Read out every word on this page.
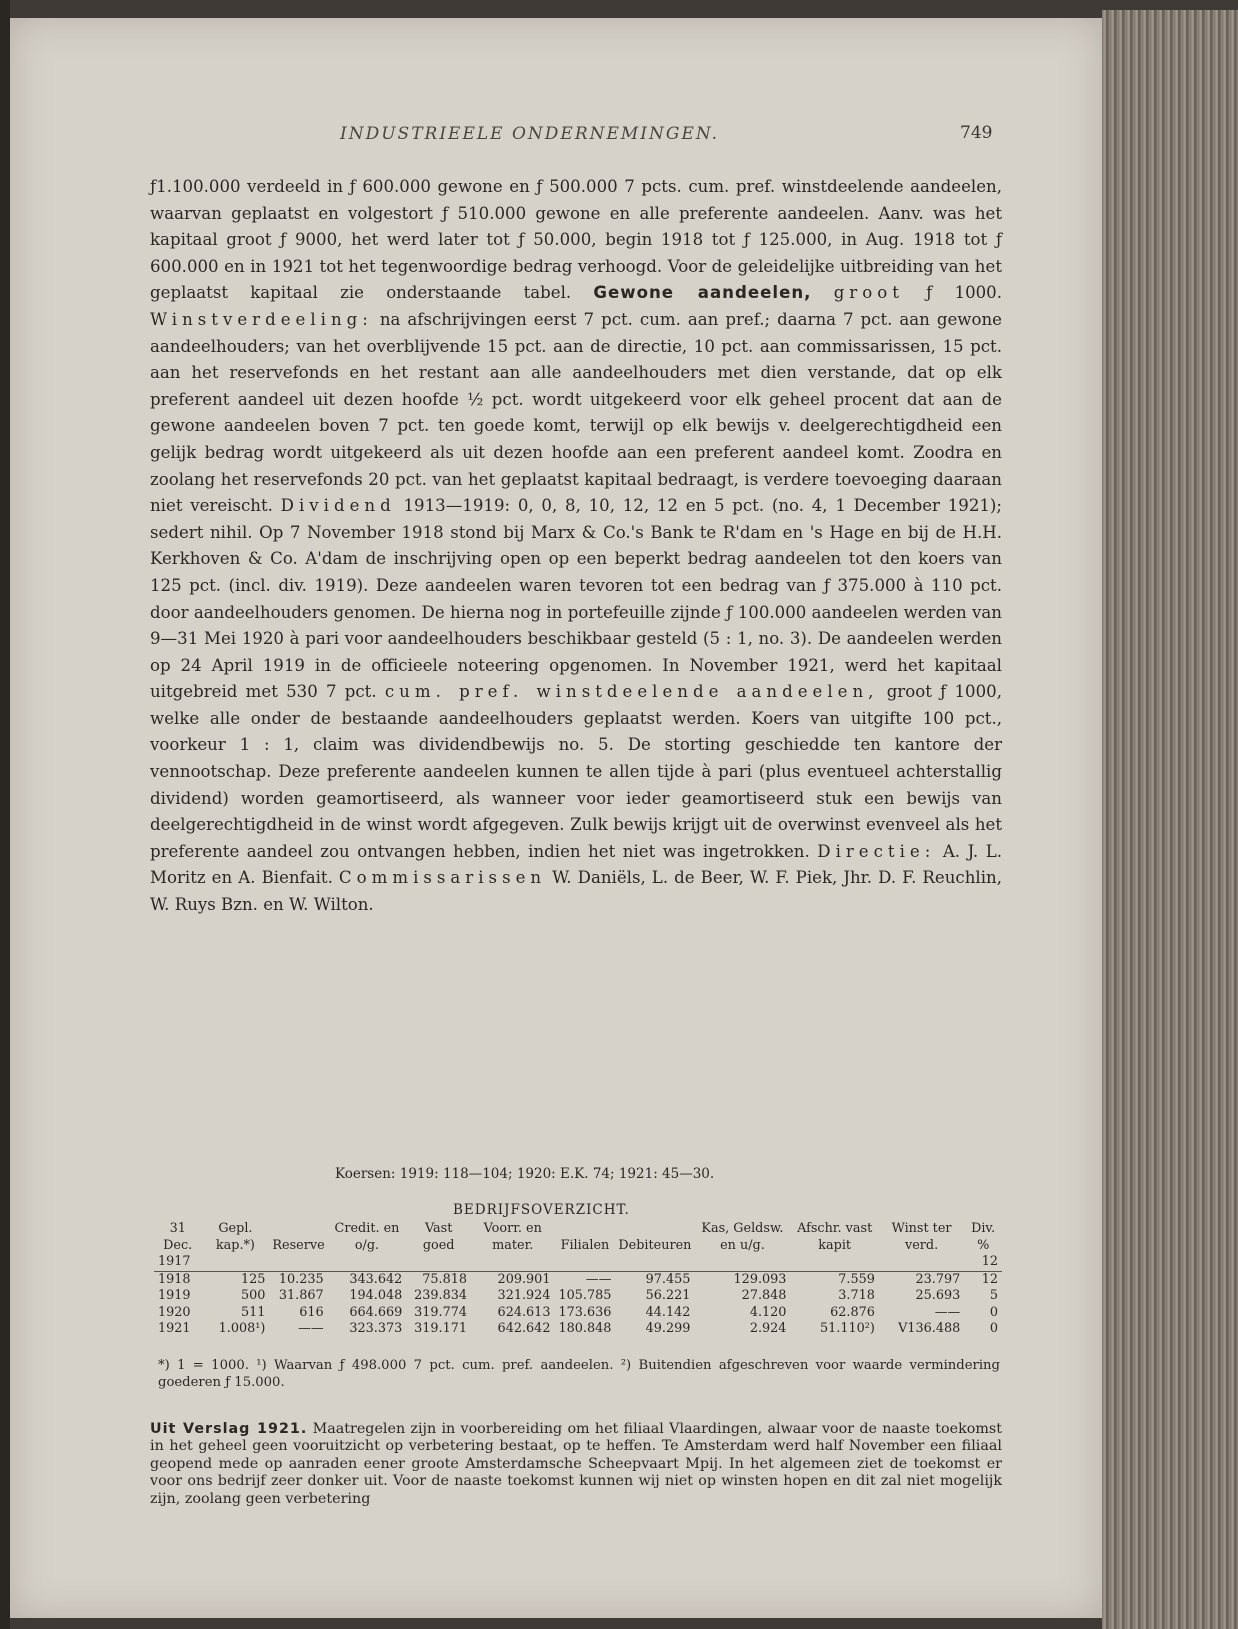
INDUSTRIEELE ONDERNEMINGEN.	749

ƒ1.100.000 verdeeld in ƒ 600.000 gewone en ƒ 500.000 7 pcts. cum. pref. winstdeelende aandeelen, waarvan geplaatst en volgestort ƒ 510.000 gewone en alle preferente aandeelen. Aanv. was het kapitaal groot ƒ 9000, het werd later tot ƒ 50.000, begin 1918 tot ƒ 125.000, in Aug. 1918 tot ƒ 600.000 en in 1921 tot het tegenwoordige bedrag verhoogd. Voor de geleidelijke uitbreiding van het geplaatst kapitaal zie onderstaande tabel. Gewone aandeelen, groot ƒ 1000. Winstverdeeling: na afschrijvingen eerst 7 pct. cum. aan pref.; daarna 7 pct. aan gewone aandeelhouders; van het overblijvende 15 pct. aan de directie, 10 pct. aan commissarissen, 15 pct. aan het reservefonds en het restant aan alle aandeelhouders met dien verstande, dat op elk preferent aandeel uit dezen hoofde ½ pct. wordt uitgekeerd voor elk geheel procent dat aan de gewone aandeelen boven 7 pct. ten goede komt, terwijl op elk bewijs v. deelgerechtigdheid een gelijk bedrag wordt uitgekeerd als uit dezen hoofde aan een preferent aandeel komt. Zoodra en zoolang het reservefonds 20 pct. van het geplaatst kapitaal bedraagt, is verdere toevoeging daaraan niet vereischt. Dividend 1913—1919: 0, 0, 8, 10, 12, 12 en 5 pct. (no. 4, 1 December 1921); sedert nihil. Op 7 November 1918 stond bij Marx & Co.'s Bank te R'dam en 's Hage en bij de H.H. Kerkhoven & Co. A'dam de inschrijving open op een beperkt bedrag aandeelen tot den koers van 125 pct. (incl. div. 1919). Deze aandeelen waren tevoren tot een bedrag van ƒ 375.000 à 110 pct. door aandeelhouders genomen. De hierna nog in portefeuille zijnde ƒ 100.000 aandeelen werden van 9—31 Mei 1920 à pari voor aandeelhouders beschikbaar gesteld (5 : 1, no. 3). De aandeelen werden op 24 April 1919 in de officieele noteering opgenomen. In November 1921, werd het kapitaal uitgebreid met 530 7 pct. cum. pref. winstdeelende aandeelen, groot ƒ 1000, welke alle onder de bestaande aandeelhouders geplaatst werden. Koers van uitgifte 100 pct., voorkeur 1 : 1, claim was dividendbewijs no. 5. De storting geschiedde ten kantore der vennootschap. Deze preferente aandeelen kunnen te allen tijde à pari (plus eventueel achterstallig dividend) worden geamortiseerd, als wanneer voor ieder geamortiseerd stuk een bewijs van deelgerechtigdheid in de winst wordt afgegeven. Zulk bewijs krijgt uit de overwinst evenveel als het preferente aandeel zou ontvangen hebben, indien het niet was ingetrokken. Directie: A. J. L. Moritz en A. Bienfait. Commissarissen W. Daniëls, L. de Beer, W. F. Piek, Jhr. D. F. Reuchlin, W. Ruys Bzn. en W. Wilton.

Koersen: 1919: 118—104; 1920: E.K. 74; 1921: 45—30.
BEDRIJFSOVERZICHT.
31 Dec.	Gepl. kap.*)	Reserve	Credit. en o/g.	Vast goed	Voorr. en mater.	Filialen	Debiteuren	Kas, Geldsw. en u/g.	Afschr. vast kapit	Winst ter verd.	Div. %
1917											12
1918	125	10.235	343.642	75.818	209.901	——	97.455	129.093	7.559	23.797	12
1919	500	31.867	194.048	239.834	321.924	105.785	56.221	27.848	3.718	25.693	5
1920	511	616	664.669	319.774	624.613	173.636	44.142	4.120	62.876	——	0
1921	1.008¹)	——	323.373	319.171	642.642	180.848	49.299	2.924	51.110²)	V136.488	0
*) 1 = 1000. ¹) Waarvan ƒ 498.000 7 pct. cum. pref. aandeelen. ²) Buitendien afgeschreven voor waarde vermindering goederen ƒ 15.000.

Uit Verslag 1921. Maatregelen zijn in voorbereiding om het filiaal Vlaardingen, alwaar voor de naaste toekomst in het geheel geen vooruitzicht op verbetering bestaat, op te heffen. Te Amsterdam werd half November een filiaal geopend mede op aanraden eener groote Amsterdamsche Scheepvaart Mpij. In het algemeen ziet de toekomst er voor ons bedrijf zeer donker uit. Voor de naaste toekomst kunnen wij niet op winsten hopen en dit zal niet mogelijk zijn, zoolang geen verbetering
